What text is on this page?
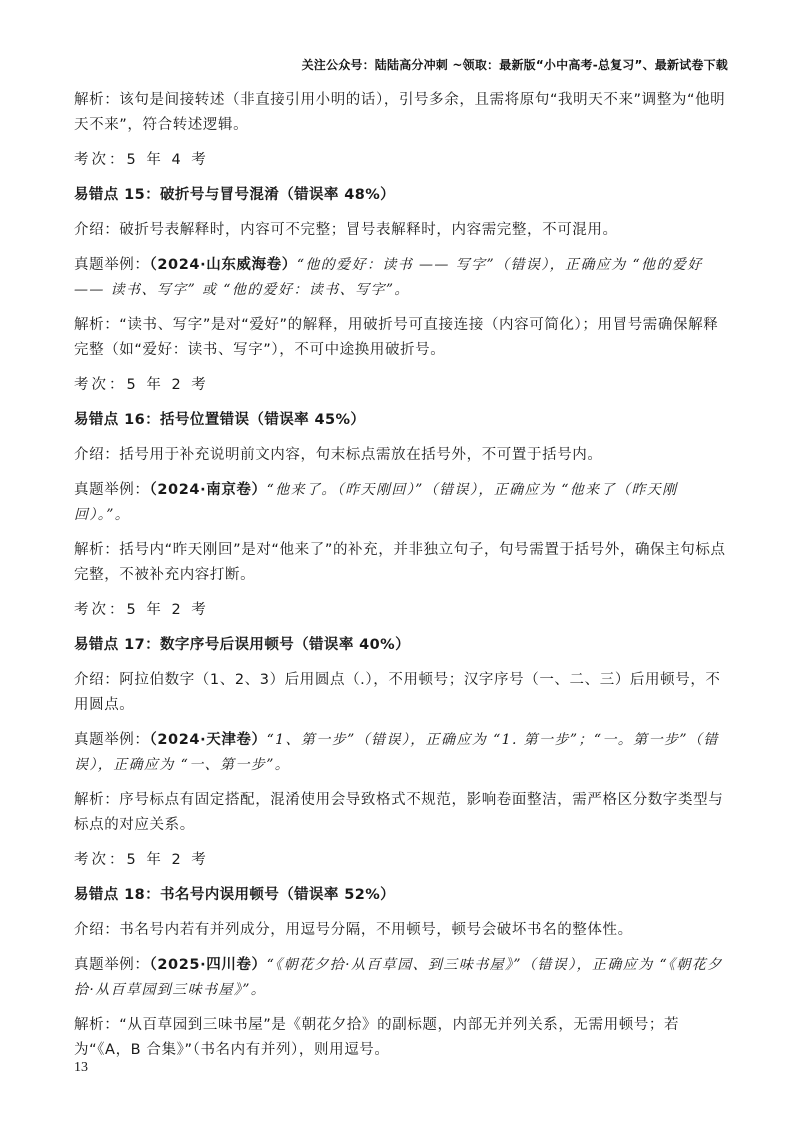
关注公众号：陆陆高分冲刺 ~领取：最新版“小中高考-总复习”、最新试卷下载

解析：该句是间接转述（非直接引用小明的话），引号多余，且需将原句“我明天不来”调整为“他明天不来”，符合转述逻辑。

考次：5 年 4 考

易错点 15：破折号与冒号混淆（错误率 48%）

介绍：破折号表解释时，内容可不完整；冒号表解释时，内容需完整，不可混用。

真题举例：（2024·山东威海卷）“他的爱好：读书 —— 写字”（错误），正确应为 “他的爱好 —— 读书、写字” 或 “他的爱好：读书、写字”。

解析：“读书、写字”是对“爱好”的解释，用破折号可直接连接（内容可简化）；用冒号需确保解释完整（如“爱好：读书、写字”），不可中途换用破折号。

考次：5 年 2 考

易错点 16：括号位置错误（错误率 45%）

介绍：括号用于补充说明前文内容，句末标点需放在括号外，不可置于括号内。

真题举例：（2024·南京卷）“他来了。（昨天刚回）”（错误），正确应为 “他来了（昨天刚回）。”。

解析：括号内“昨天刚回”是对“他来了”的补充，并非独立句子，句号需置于括号外，确保主句标点完整，不被补充内容打断。

考次：5 年 2 考

易错点 17：数字序号后误用顿号（错误率 40%）

介绍：阿拉伯数字（1、2、3）后用圆点（.），不用顿号；汉字序号（一、二、三）后用顿号，不用圆点。

真题举例：（2024·天津卷）“1、第一步”（错误），正确应为 “1. 第一步”；“一。第一步”（错误），正确应为 “一、第一步”。

解析：序号标点有固定搭配，混淆使用会导致格式不规范，影响卷面整洁，需严格区分数字类型与标点的对应关系。

考次：5 年 2 考

易错点 18：书名号内误用顿号（错误率 52%）

介绍：书名号内若有并列成分，用逗号分隔，不用顿号，顿号会破坏书名的整体性。

真题举例：（2025·四川卷）“《朝花夕拾·从百草园、到三味书屋》”（错误），正确应为 “《朝花夕拾·从百草园到三味书屋》”。

解析：“从百草园到三味书屋”是《朝花夕拾》的副标题，内部无并列关系，无需用顿号；若为“《A，B 合集》”（书名内有并列），则用逗号。

13
